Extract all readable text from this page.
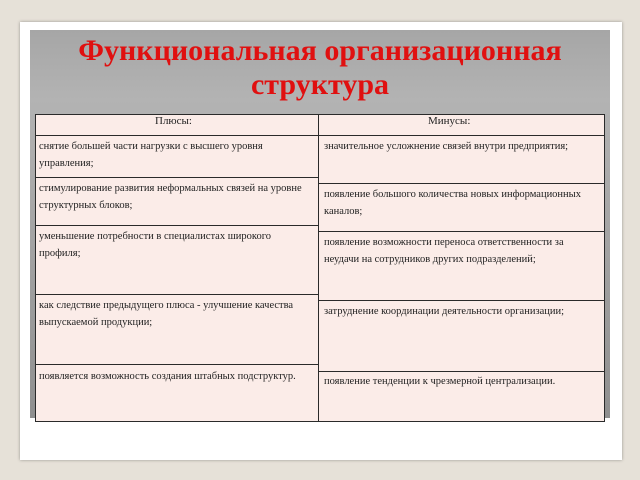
Функциональная организационная структура
Плюсы:	Минусы:
снятие большей части нагрузки с высшего уровня управления;
стимулирование развития неформальных связей на уровне структурных блоков;
уменьшение потребности в специалистах широкого профиля;
как следствие предыдущего плюса - улучшение качества выпускаемой продукции;
появляется возможность создания штабных подструктур.
значительное усложнение связей внутри предприятия;
появление большого количества новых информационных каналов;
появление возможности переноса ответственности за неудачи на сотрудников других подразделений;
затруднение координации деятельности организации;
появление тенденции к чрезмерной централизации.
